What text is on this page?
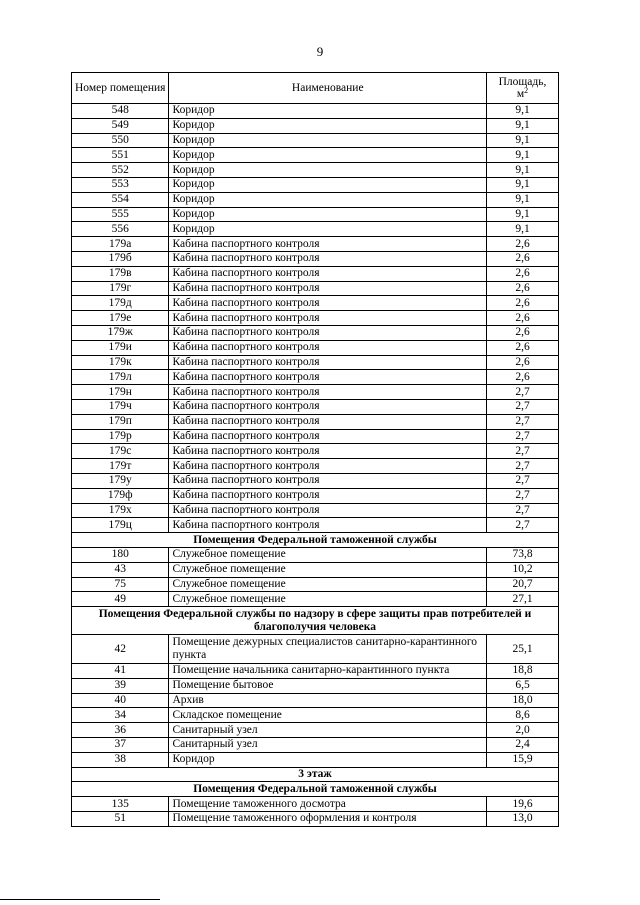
9
Номер помещения	Наименование	Площадь,
$м^2$
548	Коридор	9,1
549	Коридор	9,1
550	Коридор	9,1
551	Коридор	9,1
552	Коридор	9,1
553	Коридор	9,1
554	Коридор	9,1
555	Коридор	9,1
556	Коридор	9,1
179а	Кабина паспортного контроля	2,6
179б	Кабина паспортного контроля	2,6
179в	Кабина паспортного контроля	2,6
179г	Кабина паспортного контроля	2,6
179д	Кабина паспортного контроля	2,6
179е	Кабина паспортного контроля	2,6
179ж	Кабина паспортного контроля	2,6
179и	Кабина паспортного контроля	2,6
179к	Кабина паспортного контроля	2,6
179л	Кабина паспортного контроля	2,6
179н	Кабина паспортного контроля	2,7
179ч	Кабина паспортного контроля	2,7
179п	Кабина паспортного контроля	2,7
179р	Кабина паспортного контроля	2,7
179с	Кабина паспортного контроля	2,7
179т	Кабина паспортного контроля	2,7
179у	Кабина паспортного контроля	2,7
179ф	Кабина паспортного контроля	2,7
179х	Кабина паспортного контроля	2,7
179ц	Кабина паспортного контроля	2,7
Помещения Федеральной таможенной службы		
180	Служебное помещение	73,8
43	Служебное помещение	10,2
75	Служебное помещение	20,7
49	Служебное помещение	27,1
Помещения Федеральной службы по надзору в сфере защиты прав потребителей и благополучия человека		
42	Помещение дежурных специалистов санитарно-карантинного пункта	25,1
41	Помещение начальника санитарно-карантинного пункта	18,8
39	Помещение бытовое	6,5
40	Архив	18,0
34	Складское помещение	8,6
36	Санитарный узел	2,0
37	Санитарный узел	2,4
38	Коридор	15,9
3 этаж		
Помещения Федеральной таможенной службы		
135	Помещение таможенного досмотра	19,6
51	Помещение таможенного оформления и контроля	13,0
